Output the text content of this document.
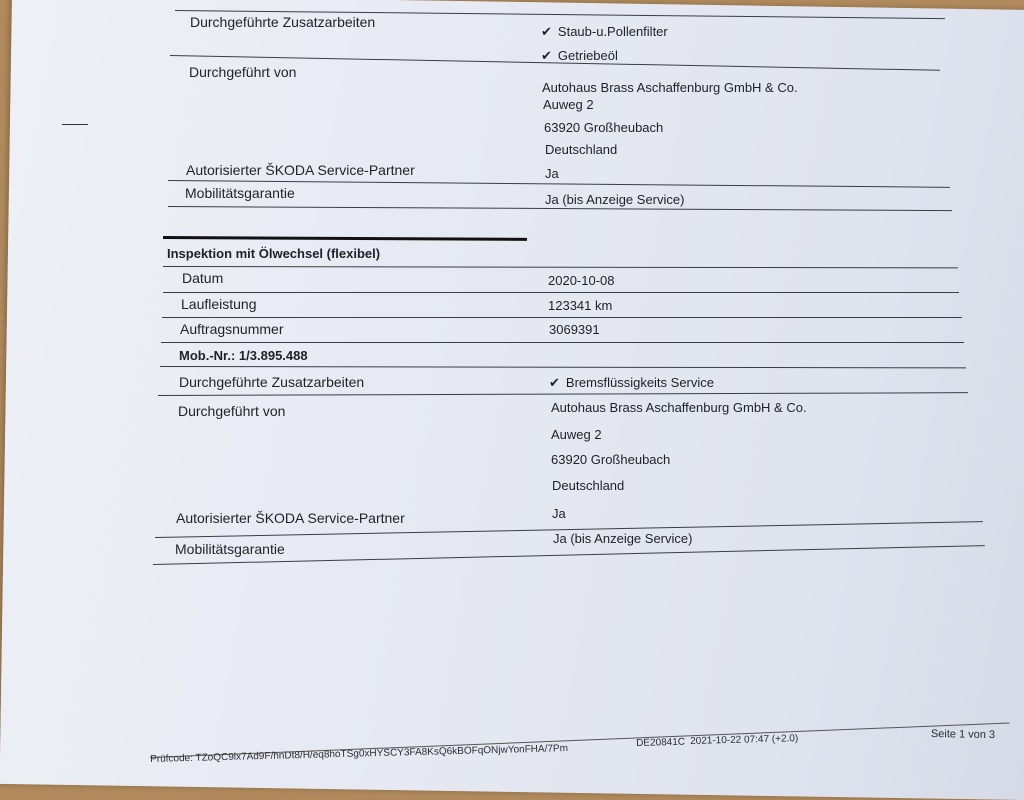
Durchgeführte Zusatzarbeiten
✔ Staub-u.Pollenfilter
✔ Getriebeöl
Durchgeführt von
Autohaus Brass Aschaffenburg GmbH & Co.
Auweg 2
63920 Großheubach
Deutschland
Autorisierter ŠKODA Service-Partner	Ja
Mobilitätsgarantie	Ja (bis Anzeige Service)
Inspektion mit Ölwechsel (flexibel)
Datum	2020-10-08
Laufleistung	123341 km
Auftragsnummer	3069391
Mob.-Nr.: 1/3.895.488
Durchgeführte Zusatzarbeiten
✔	Bremsflüssigkeits Service
Durchgeführt von	Autohaus Brass Aschaffenburg GmbH & Co.
Auweg 2
63920 Großheubach
Deutschland
Autorisierter ŠKODA Service-Partner	Ja
Mobilitätsgarantie
Ja (bis Anzeige Service)
Prüfcode: TZoQC9lx7Ad9F/hnDt8/H/eq8hoTSg0xHYSCY3FA8KsQ6kBOFqONjwYonFHA/7Pm
DE20841C 2021-10-22 07:47 (+2.0)	Seite 1 von 3
